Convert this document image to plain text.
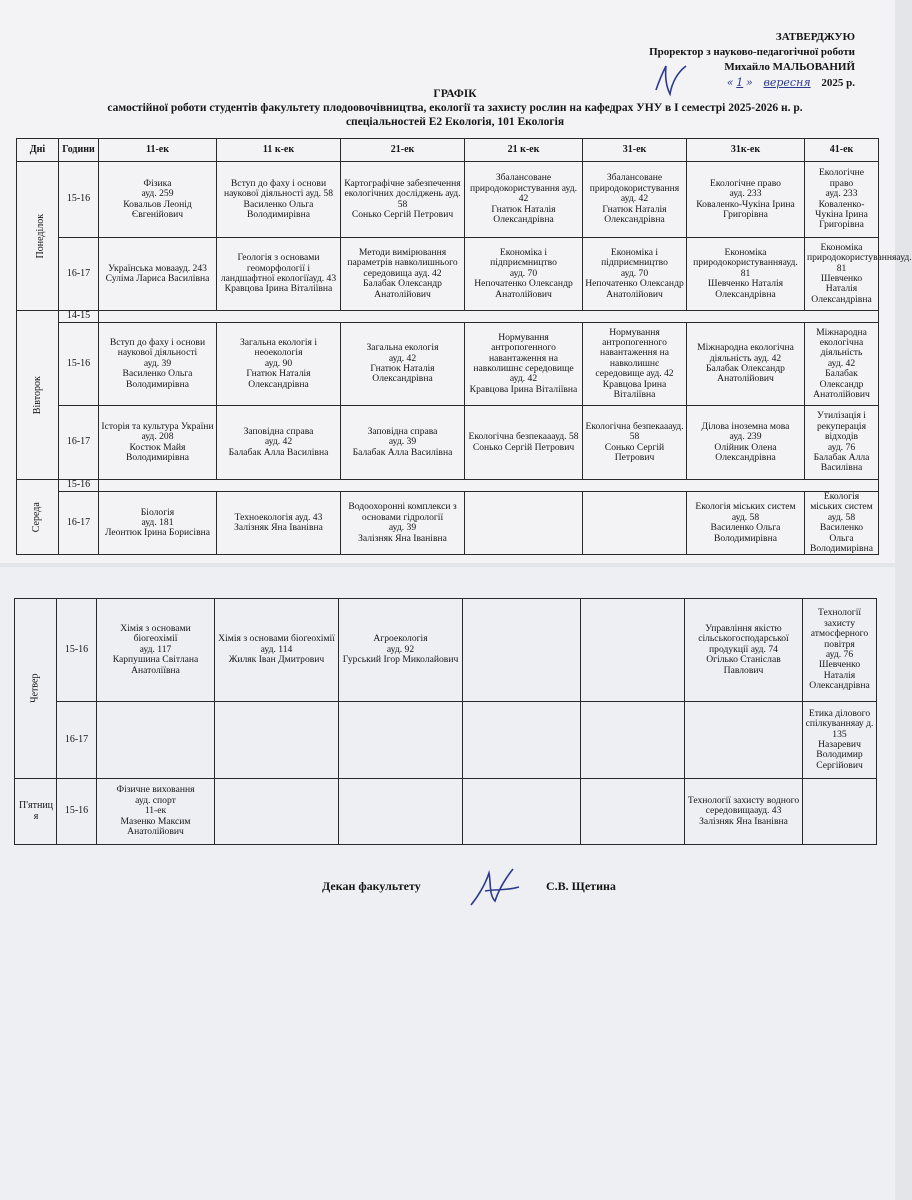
ЗАТВЕРДЖУЮ
Проректор з науково-педагогічної роботи
Михайло МАЛЬОВАНИЙ
« 1 » вересня 2025 р.
ГРАФІК
самостійної роботи студентів факультету плодоовочівництва, екології та захисту рослин на кафедрах УНУ в І семестрі 2025-2026 н. р.
спеціальностей Е2 Екологія, 101 Екологія
Дні	Години	11-ек	11 к-ек	21-ек	21 к-ек	31-ек	31к-ек	41-ек
Понеділок	15-16	Фізика
ауд. 259
Ковальов Леонід Євгенійович	Вступ до фаху і основи наукової діяльності ауд. 58
Василенко Ольга Володимирівна	Картографічне забезпечення екологічних досліджень ауд. 58
Сонько Сергій Петрович	Збалансоване природокористування ауд. 42
Гнатюк Наталія Олександрівна	Збалансоване природокористування ауд. 42
Гнатюк Наталія Олександрівна	Екологічне право
ауд. 233
Коваленко-Чукіна Ірина Григорівна	Екологічне право
ауд. 233
Коваленко-Чукіна Ірина Григорівна
	16-17	Українська моваауд. 243
Суліма Лариса Василівна	Геологія з основами геоморфології і ландшафтної екологіїауд. 43
Кравцова Ірина Віталіївна	Методи вимірювання параметрів навколишнього середовища ауд. 42
Балабак Олександр Анатолійович	Економіка і підприємництво
ауд. 70
Непочатенко Олександр Анатолійович	Економіка і підприємництво
ауд. 70
Непочатенко Олександр Анатолійович	Економіка природокористуванняауд. 81
Шевченко Наталія Олександрівна	Економіка природокористуванняауд. 81
Шевченко Наталія Олександрівна
Вівторок	14-15							
	15-16	Вступ до фаху і основи наукової діяльності
ауд. 39
Василенко Ольга Володимирівна	Загальна екологія і неоекологія
ауд. 90
Гнатюк Наталія Олександрівна	Загальна екологія
ауд. 42
Гнатюк Наталія Олександрівна	Нормування антропогенного навантаження на навколишнє середовище ауд. 42
Кравцова Ірина Віталіївна	Нормування антропогенного навантаження на навколишнє середовище ауд. 42
Кравцова Ірина Віталіївна	Міжнародна екологічна діяльність ауд. 42
Балабак Олександр Анатолійович	Міжнародна екологічна діяльність
ауд. 42
Балабак Олександр Анатолійович
	16-17	Історія та культура України
ауд. 208
Костюк Майя Володимирівна	Заповідна справа
ауд. 42
Балабак Алла Василівна	Заповідна справа
ауд. 39
Балабак Алла Василівна	Екологічна безпекааауд. 58
Сонько Сергій Петрович	Екологічна безпекааауд. 58
Сонько Сергій Петрович	Ділова іноземна мова
ауд. 239
Олійник Олена Олександрівна	Утилізація і рекуперація відходів
ауд. 76
Балабак Алла Василівна
Середа	15-16							
	16-17	Біологія
ауд. 181
Леонтюк Ірина Борисівна	Техноекологія ауд. 43
Залізняк Яна Іванівна	Водоохоронні комплекси з основами гідрології
ауд. 39
Залізняк Яна Іванівна			Екологія міських систем
ауд. 58
Василенко Ольга Володимирівна	Екологія міських систем
ауд. 58
Василенко Ольга Володимирівна
Четвер	15-16	Хімія з основами біогеохімії
ауд. 117
Карпушина Світлана Анатоліївна	Хімія з основами біогеохімії
ауд. 114
Жиляк Іван Дмитрович	Агроекологія
ауд. 92
Гурський Ігор Миколайович			Управління якістю сільськогосподарської продукції ауд. 74
Огілько Станіслав Павлович	Технології захисту атмосферного повітря
ауд. 76
Шевченко Наталія Олександрівна
	16-17							Етика ділового спілкуванняау д. 135
Назаревич Володимир Сергійович

П'ятниця	15-16	Фізичне виховання
ауд. спорт
11-ек
Мазенко Максим Анатолійович					Технології захисту водного середовищаауд. 43
Залізняк Яна Іванівна	
Декан факультету	С.В. Щетина
